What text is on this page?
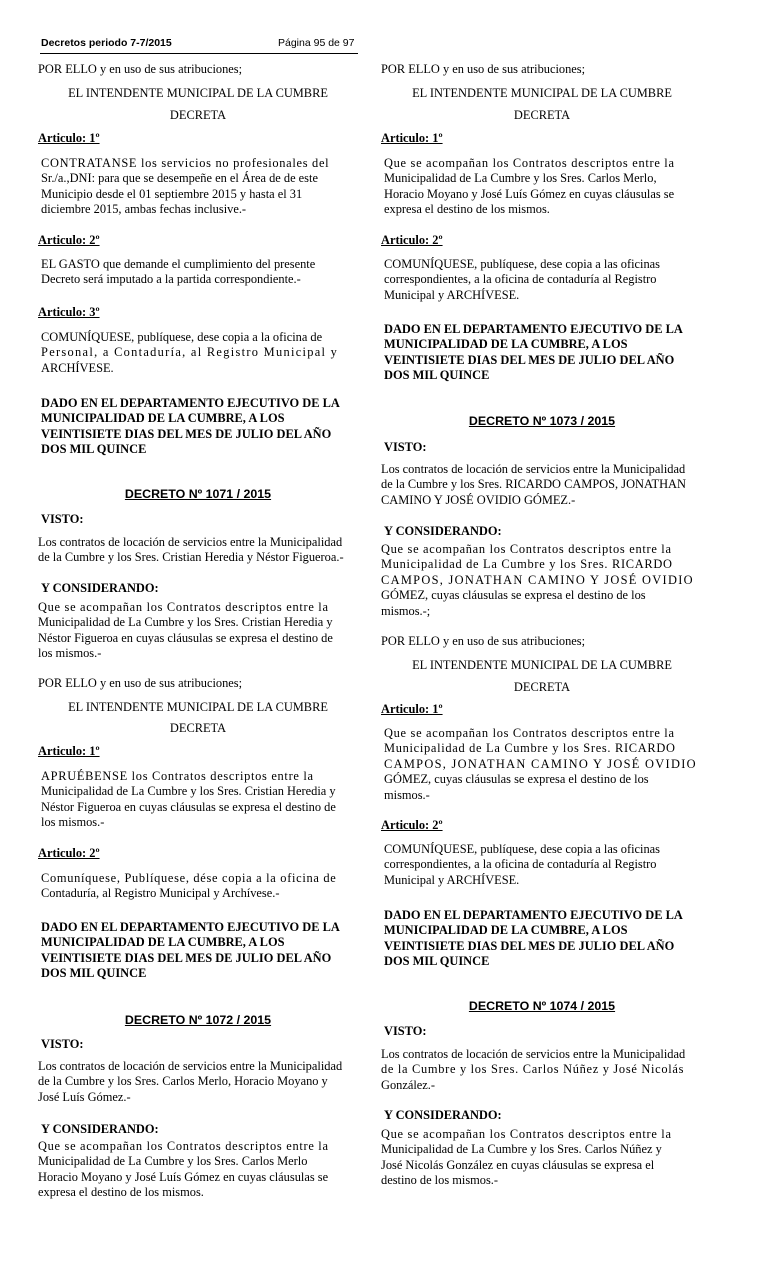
Decretos periodo 7-7/2015	Página 95 de 97

POR ELLO y en uso de sus atribuciones;

EL INTENDENTE MUNICIPAL DE LA CUMBRE

DECRETA

Articulo: 1º

CONTRATANSE los servicios no profesionales del

Sr./a.,DNI: para que se desempeñe en el Área de de este

Municipio desde el 01 septiembre 2015 y hasta el 31

diciembre 2015, ambas fechas inclusive.-

Articulo: 2º

EL GASTO que demande el cumplimiento del presente

Decreto será imputado a la partida correspondiente.-

Articulo: 3º

COMUNÍQUESE, publíquese, dese copia a la oficina de

Personal, a Contaduría, al Registro Municipal y

ARCHÍVESE.

DADO EN EL DEPARTAMENTO EJECUTIVO DE LA

MUNICIPALIDAD DE LA CUMBRE, A LOS

VEINTISIETE DIAS DEL MES DE JULIO DEL AÑO

DOS MIL QUINCE

DECRETO Nº 1071 / 2015

VISTO:

Los contratos de locación de servicios entre la Municipalidad

de la Cumbre y los Sres. Cristian Heredia y Néstor Figueroa.-

Y CONSIDERANDO:

Que se acompañan los Contratos descriptos entre la

Municipalidad de La Cumbre y los Sres. Cristian Heredia y

Néstor Figueroa en cuyas cláusulas se expresa el destino de

los mismos.-

POR ELLO y en uso de sus atribuciones;

EL INTENDENTE MUNICIPAL DE LA CUMBRE

DECRETA

Articulo: 1º

APRUÉBENSE los Contratos descriptos entre la

Municipalidad de La Cumbre y los Sres. Cristian Heredia y

Néstor Figueroa en cuyas cláusulas se expresa el destino de

los mismos.-

Articulo: 2º

Comuníquese, Publíquese, dése copia a la oficina de

Contaduría, al Registro Municipal y Archívese.-

DADO EN EL DEPARTAMENTO EJECUTIVO DE LA

MUNICIPALIDAD DE LA CUMBRE, A LOS

VEINTISIETE DIAS DEL MES DE JULIO DEL AÑO

DOS MIL QUINCE

DECRETO Nº 1072 / 2015

VISTO:

Los contratos de locación de servicios entre la Municipalidad

de la Cumbre y los Sres. Carlos Merlo, Horacio Moyano y

José Luís Gómez.-

Y CONSIDERANDO:

Que se acompañan los Contratos descriptos entre la

Municipalidad de La Cumbre y los Sres. Carlos Merlo

Horacio Moyano y José Luís Gómez en cuyas cláusulas se

expresa el destino de los mismos.

POR ELLO y en uso de sus atribuciones;

EL INTENDENTE MUNICIPAL DE LA CUMBRE

DECRETA

Articulo: 1º

Que se acompañan los Contratos descriptos entre la

Municipalidad de La Cumbre y los Sres. Carlos Merlo,

Horacio Moyano y José Luís Gómez en cuyas cláusulas se

expresa el destino de los mismos.

Articulo: 2º

COMUNÍQUESE, publíquese, dese copia a las oficinas

correspondientes, a la oficina de contaduría al Registro

Municipal y ARCHÍVESE.

DADO EN EL DEPARTAMENTO EJECUTIVO DE LA

MUNICIPALIDAD DE LA CUMBRE, A LOS

VEINTISIETE DIAS DEL MES DE JULIO DEL AÑO

DOS MIL QUINCE

DECRETO Nº 1073 / 2015

VISTO:

Los contratos de locación de servicios entre la Municipalidad

de la Cumbre y los Sres. RICARDO CAMPOS, JONATHAN

CAMINO Y JOSÉ OVIDIO GÓMEZ.-

Y CONSIDERANDO:

Que se acompañan los Contratos descriptos entre la

Municipalidad de La Cumbre y los Sres. RICARDO

CAMPOS, JONATHAN CAMINO Y JOSÉ OVIDIO

GÓMEZ, cuyas cláusulas se expresa el destino de los

mismos.-;

POR ELLO y en uso de sus atribuciones;

EL INTENDENTE MUNICIPAL DE LA CUMBRE

DECRETA

Articulo: 1º

Que se acompañan los Contratos descriptos entre la

Municipalidad de La Cumbre y los Sres. RICARDO

CAMPOS, JONATHAN CAMINO Y JOSÉ OVIDIO

GÓMEZ, cuyas cláusulas se expresa el destino de los

mismos.-

Articulo: 2º

COMUNÍQUESE, publíquese, dese copia a las oficinas

correspondientes, a la oficina de contaduría al Registro

Municipal y ARCHÍVESE.

DADO EN EL DEPARTAMENTO EJECUTIVO DE LA

MUNICIPALIDAD DE LA CUMBRE, A LOS

VEINTISIETE DIAS DEL MES DE JULIO DEL AÑO

DOS MIL QUINCE

DECRETO Nº 1074 / 2015

VISTO:

Los contratos de locación de servicios entre la Municipalidad

de la Cumbre y los Sres. Carlos Núñez y José Nicolás

González.-

Y CONSIDERANDO:

Que se acompañan los Contratos descriptos entre la

Municipalidad de La Cumbre y los Sres. Carlos Núñez y

José Nicolás González en cuyas cláusulas se expresa el

destino de los mismos.-
